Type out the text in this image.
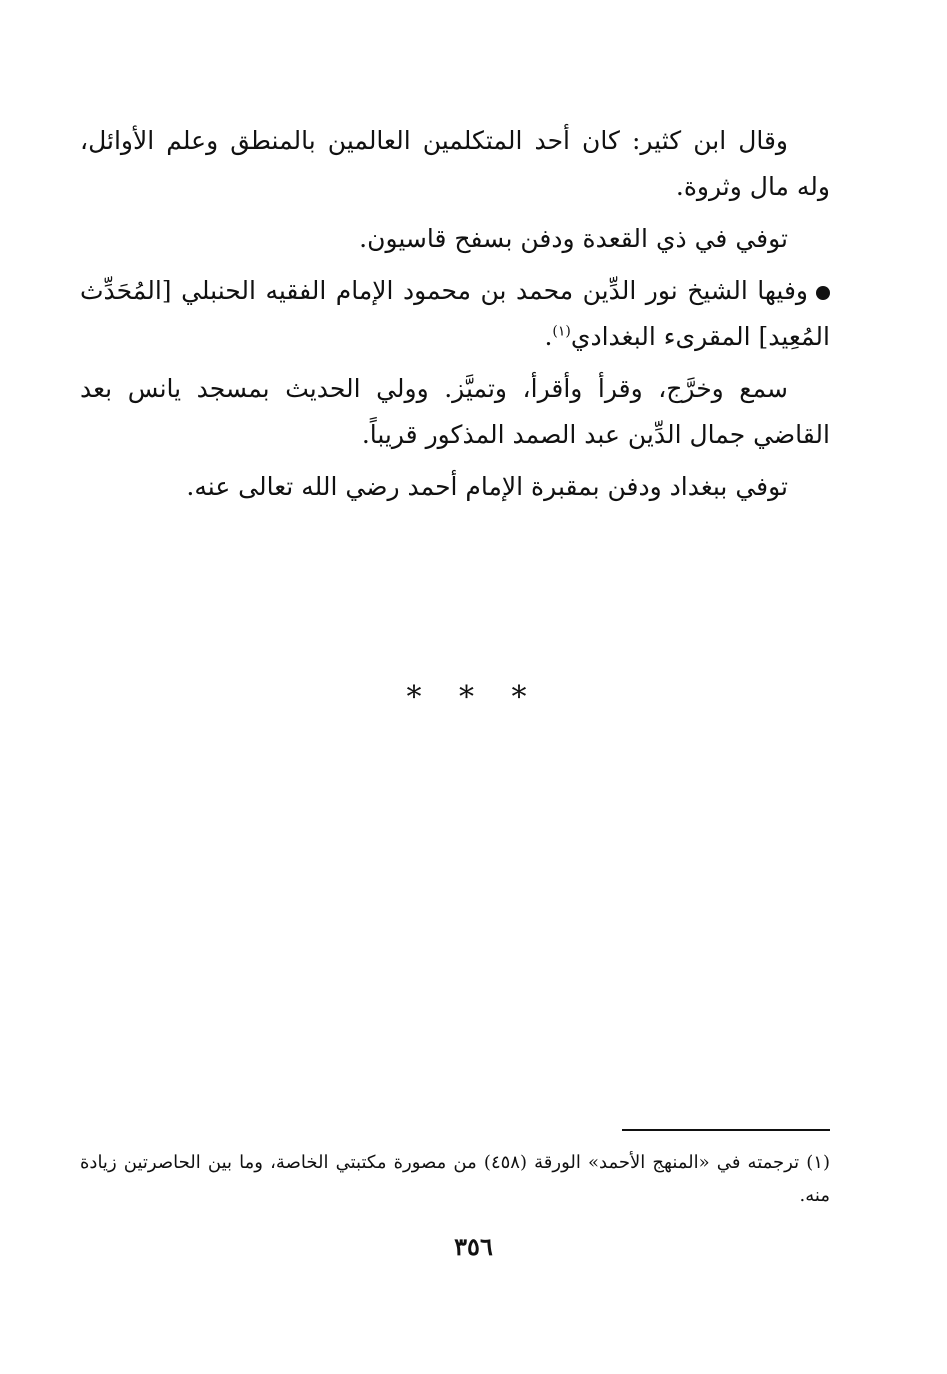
وقال ابن كثير: كان أحد المتكلمين العالمين بالمنطق وعلم الأوائل، وله مال وثروة.

توفي في ذي القعدة ودفن بسفح قاسيون.

وفيها الشيخ نور الدِّين محمد بن محمود الإمام الفقيه الحنبلي [المُحَدِّث المُعِيد] المقرىء البغدادي$^{(١)}$.

سمع وخرَّج، وقرأ وأقرأ، وتميَّز. وولي الحديث بمسجد يانس بعد القاضي جمال الدِّين عبد الصمد المذكور قريباً.

توفي ببغداد ودفن بمقبرة الإمام أحمد رضي الله تعالى عنه.

* * *
(١) ترجمته في «المنهج الأحمد» الورقة (٤٥٨) من مصورة مكتبتي الخاصة، وما بين الحاصرتين زيادة منه.
٣٥٦
